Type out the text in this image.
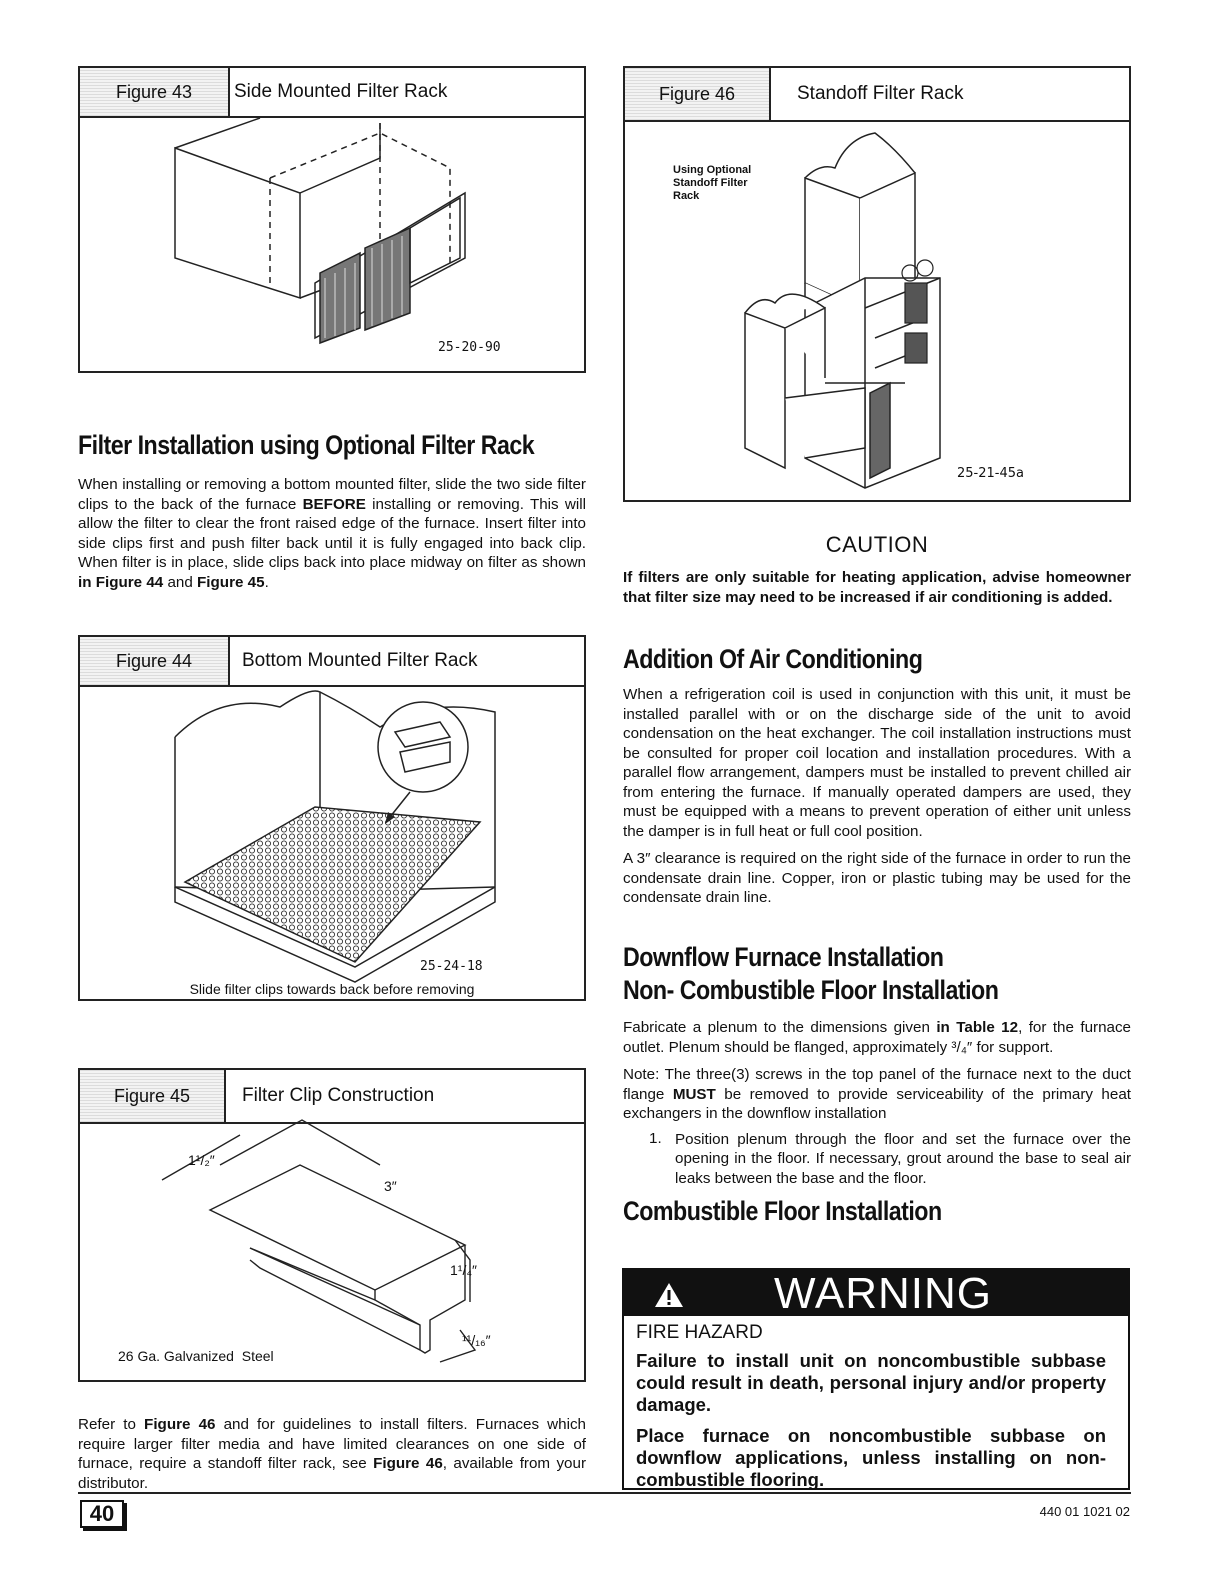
Figure 43	Side Mounted Filter Rack
25-20-90
Figure 46	Standoff Filter Rack
Using Optional
Standoff Filter
Rack
25-21-45a
Filter Installation using Optional Filter Rack

When installing or removing a bottom mounted filter, slide the two side filter clips to the back of the furnace BEFORE installing or removing. This will allow the filter to clear the front raised edge of the furnace. Insert filter into side clips first and push filter back until it is fully engaged into back clip. When filter is in place, slide clips back into place midway on filter as shown in Figure 44 and Figure 45.

Figure 44	Bottom Mounted Filter Rack
25-24-18
Slide filter clips towards back before removing
Figure 45	Filter Clip Construction
1¹/₂″
3″
1¹/₄″
¹¹/₁₆″
26 Ga. Galvanized  Steel

Refer to Figure 46 and for guidelines to install filters. Furnaces which require larger filter media and have limited clearances on one side of furnace, require a standoff filter rack, see Figure 46, available from your distributor.

CAUTION

If filters are only suitable for heating application, advise homeowner that filter size may need to be increased if air conditioning is added.

Addition Of Air Conditioning

When a refrigeration coil is used in conjunction with this unit, it must be installed parallel with or on the discharge side of the unit to avoid condensation on the heat exchanger. The coil installation instructions must be consulted for proper coil location and installation procedures. With a parallel flow arrangement, dampers must be installed to prevent chilled air from entering the furnace. If manually operated dampers are used, they must be equipped with a means to prevent operation of either unit unless the damper is in full heat or full cool position.

A 3″ clearance is required on the right side of the furnace in order to run the condensate drain line. Copper, iron or plastic tubing may be used for the condensate drain line.

Downflow Furnace Installation
Non- Combustible Floor Installation

Fabricate a plenum to the dimensions given in Table 12, for the furnace outlet. Plenum should be flanged, approximately ³/₄″ for support.

Note: The three(3) screws in the top panel of the furnace next to the duct flange MUST be removed to provide serviceability of the primary heat exchangers in the downflow installation

1. Position plenum through the floor and set the furnace over the opening in the floor. If necessary, grout around the base to seal air leaks between the base and the floor.

Combustible Floor Installation
WARNING
FIRE HAZARD
Failure to install unit on noncombustible subbase could result in death, personal injury and/or property damage.
Place furnace on noncombustible subbase on downflow applications, unless installing on non-combustible flooring.
40	440 01 1021 02
